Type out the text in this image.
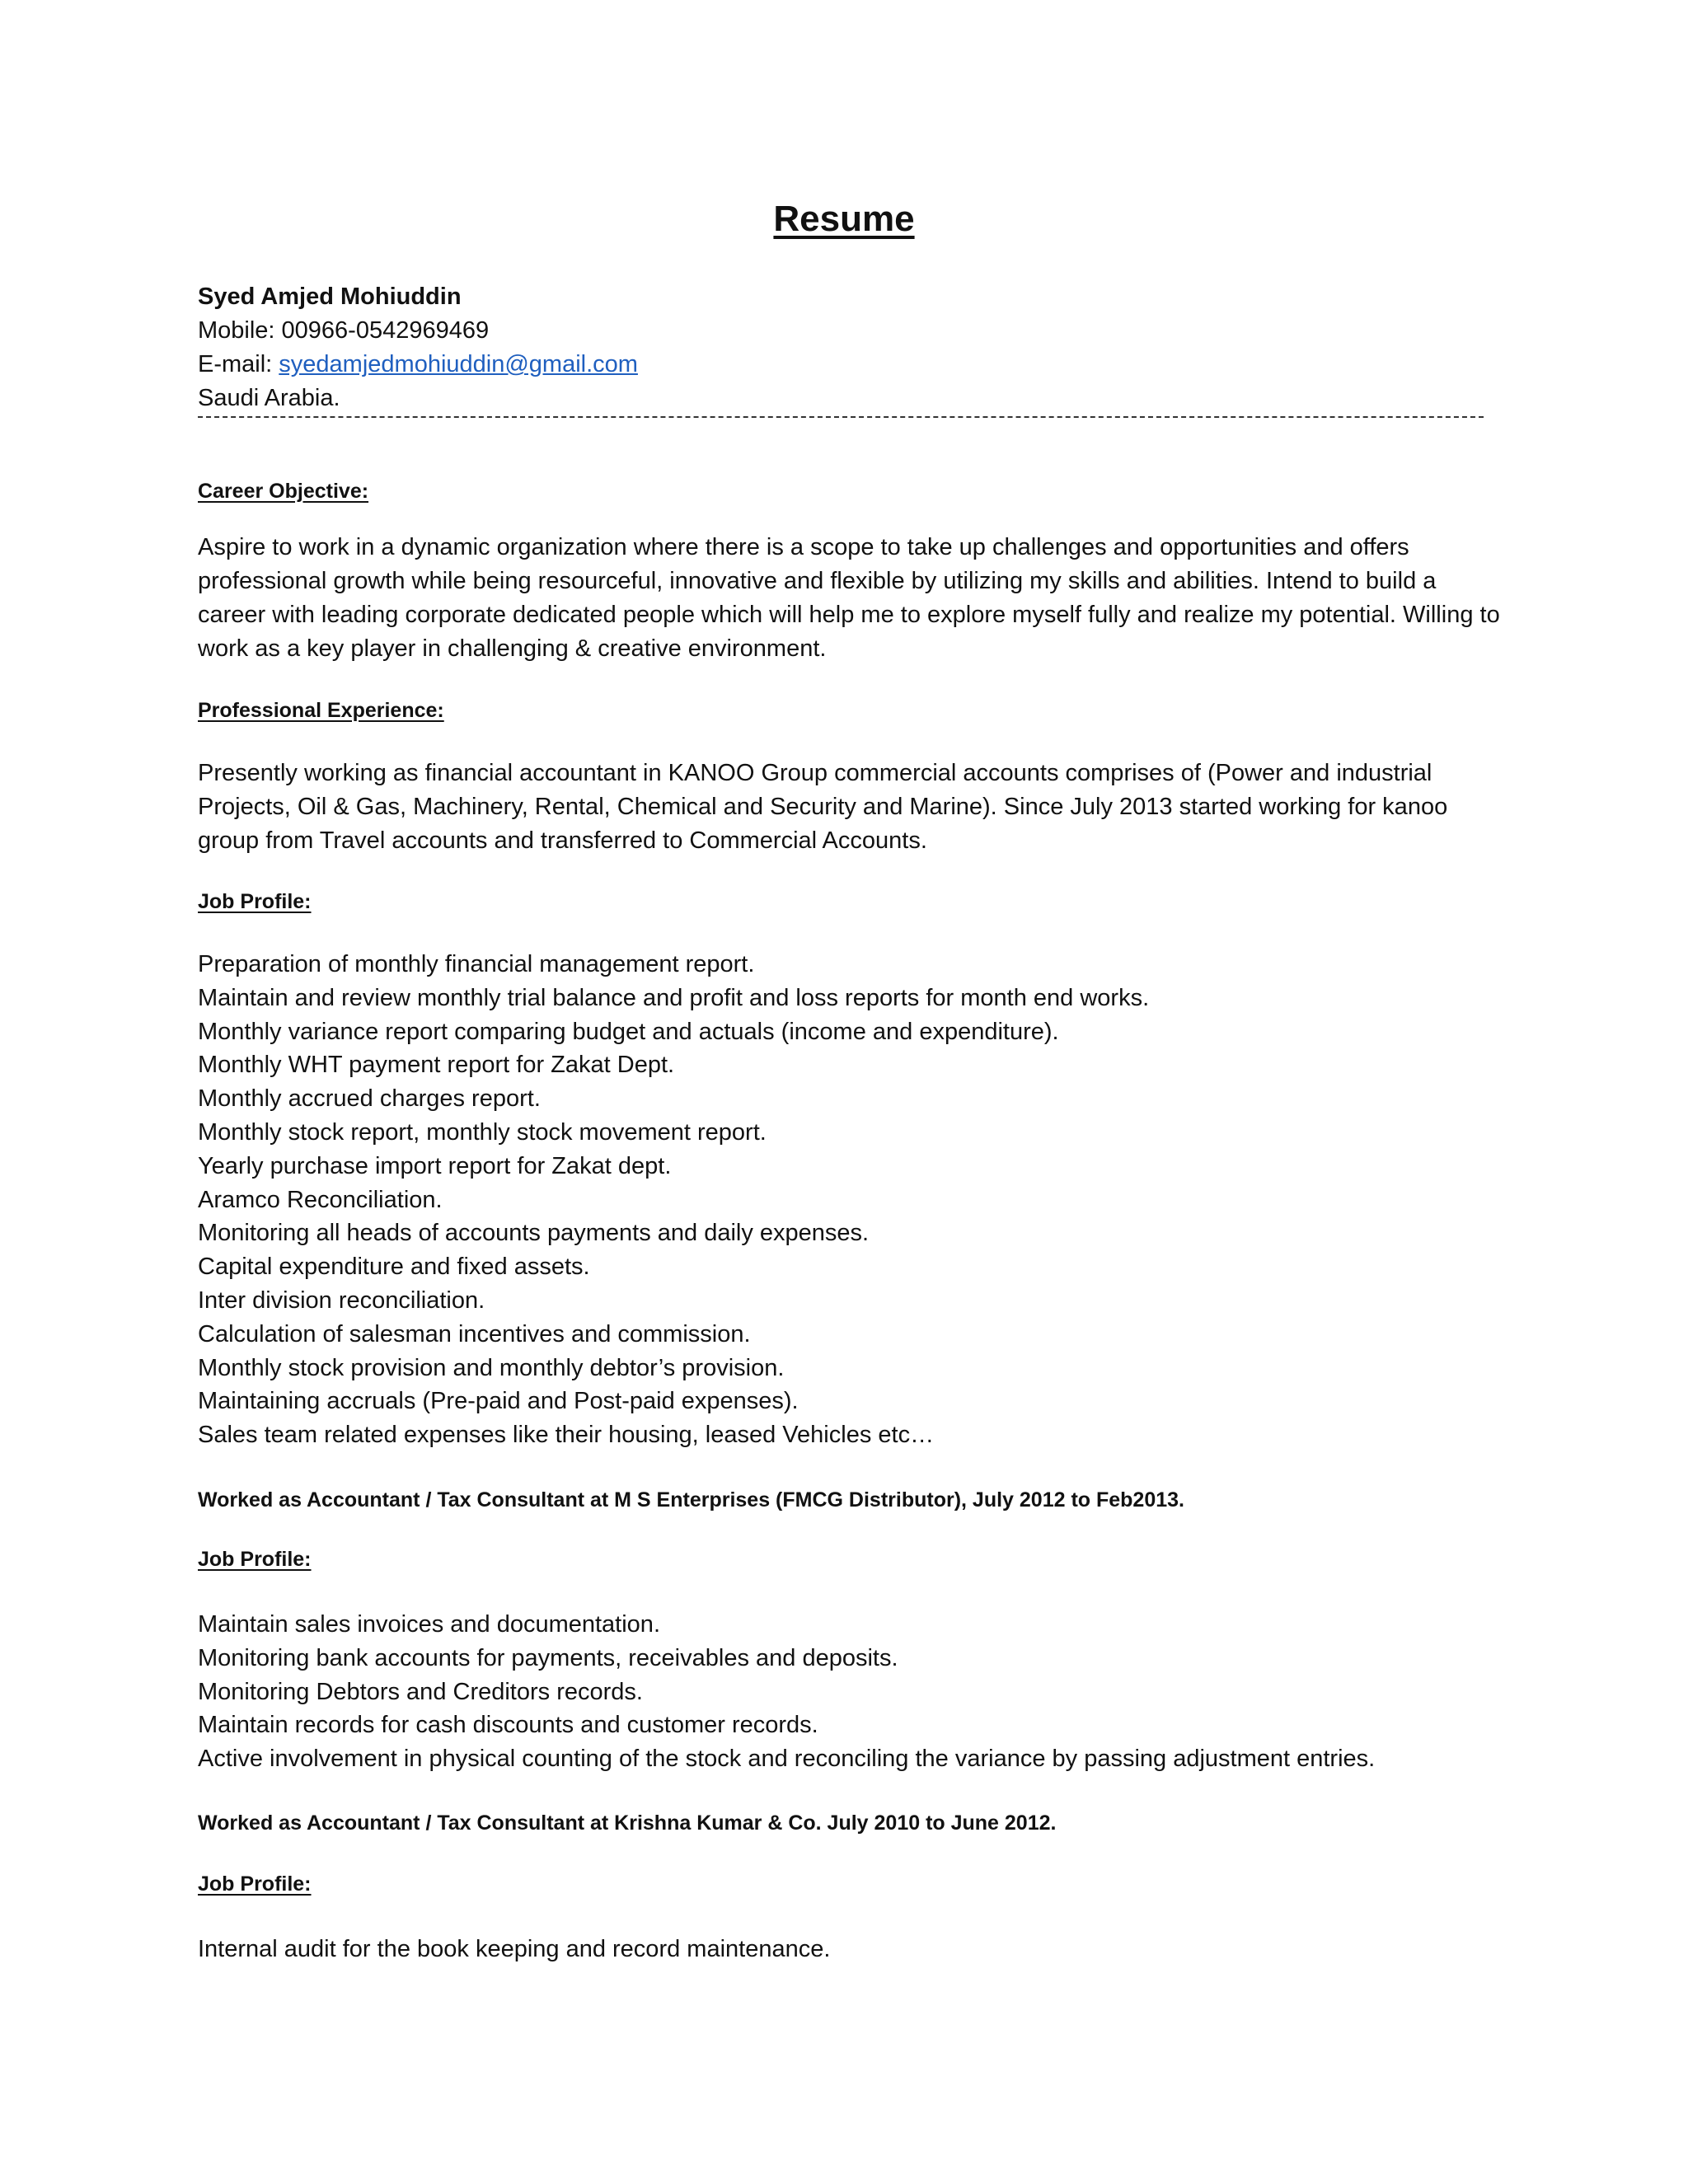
Resume
Syed Amjed Mohiuddin
Mobile: 00966-0542969469
E-mail: syedamjedmohiuddin@gmail.com
Saudi Arabia.
Career Objective:
Aspire to work in a dynamic organization where there is a scope to take up challenges and opportunities and offers professional growth while being resourceful, innovative and flexible by utilizing my skills and abilities. Intend to build a career with leading corporate dedicated people which will help me to explore myself fully and realize my potential. Willing to work as a key player in challenging & creative environment.
Professional Experience:
Presently working as financial accountant in KANOO Group commercial accounts comprises of (Power and industrial Projects, Oil & Gas, Machinery, Rental, Chemical and Security and Marine). Since July 2013 started working for kanoo group from Travel accounts and transferred to Commercial Accounts.
Job Profile:
Preparation of monthly financial management report.
Maintain and review monthly trial balance and profit and loss reports for month end works.
Monthly variance report comparing budget and actuals (income and expenditure).
Monthly WHT payment report for Zakat Dept.
Monthly accrued charges report.
Monthly stock report, monthly stock movement report.
Yearly purchase import report for Zakat dept.
Aramco Reconciliation.
Monitoring all heads of accounts payments and daily expenses.
Capital expenditure and fixed assets.
Inter division reconciliation.
Calculation of salesman incentives and commission.
Monthly stock provision and monthly debtor’s provision.
Maintaining accruals (Pre-paid and Post-paid expenses).
Sales team related expenses like their housing, leased Vehicles etc…
Worked as Accountant / Tax Consultant at M S Enterprises (FMCG Distributor), July 2012 to Feb2013.
Job Profile:
Maintain sales invoices and documentation.
Monitoring bank accounts for payments, receivables and deposits.
Monitoring Debtors and Creditors records.
Maintain records for cash discounts and customer records.
Active involvement in physical counting of the stock and reconciling the variance by passing adjustment entries.
Worked as Accountant / Tax Consultant at Krishna Kumar & Co. July 2010 to June 2012.
Job Profile:
Internal audit for the book keeping and record maintenance.
